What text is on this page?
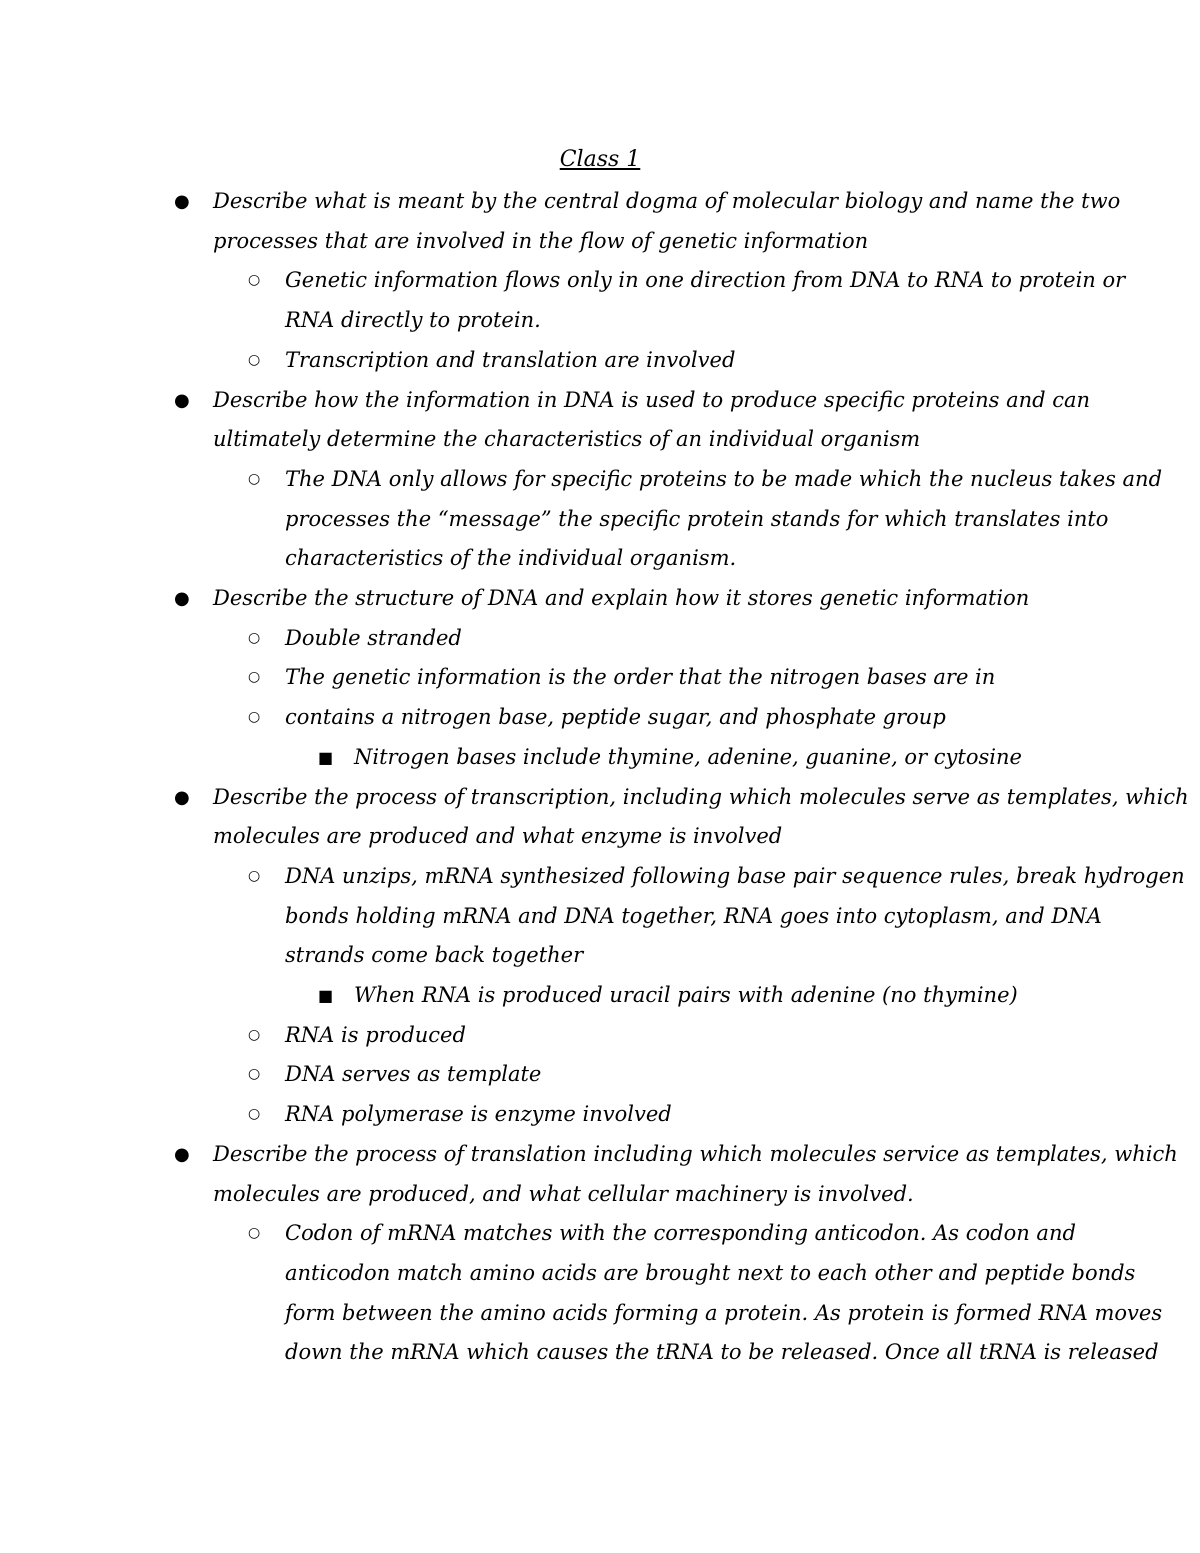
Class 1
●	Describe what is meant by the central dogma of molecular biology and name the two
processes that are involved in the flow of genetic information
○	Genetic information flows only in one direction from DNA to RNA to protein or
RNA directly to protein.
○	Transcription and translation are involved
●	Describe how the information in DNA is used to produce specific proteins and can
ultimately determine the characteristics of an individual organism
○	The DNA only allows for specific proteins to be made which the nucleus takes and
processes the “message” the specific protein stands for which translates into
characteristics of the individual organism.
●	Describe the structure of DNA and explain how it stores genetic information
○	Double stranded
○	The genetic information is the order that the nitrogen bases are in
○	contains a nitrogen base, peptide sugar, and phosphate group
■ Nitrogen bases include thymine, adenine, guanine, or cytosine
●	Describe the process of transcription, including which molecules serve as templates, which
molecules are produced and what enzyme is involved
○	DNA unzips, mRNA synthesized following base pair sequence rules, break hydrogen
bonds holding mRNA and DNA together, RNA goes into cytoplasm, and DNA
strands come back together
■ When RNA is produced uracil pairs with adenine (no thymine)
○	RNA is produced
○	DNA serves as template
○	RNA polymerase is enzyme involved
●	Describe the process of translation including which molecules service as templates, which
molecules are produced, and what cellular machinery is involved.
○	Codon of mRNA matches with the corresponding anticodon. As codon and
anticodon match amino acids are brought next to each other and peptide bonds
form between the amino acids forming a protein. As protein is formed RNA moves
down the mRNA which causes the tRNA to be released. Once all tRNA is released
